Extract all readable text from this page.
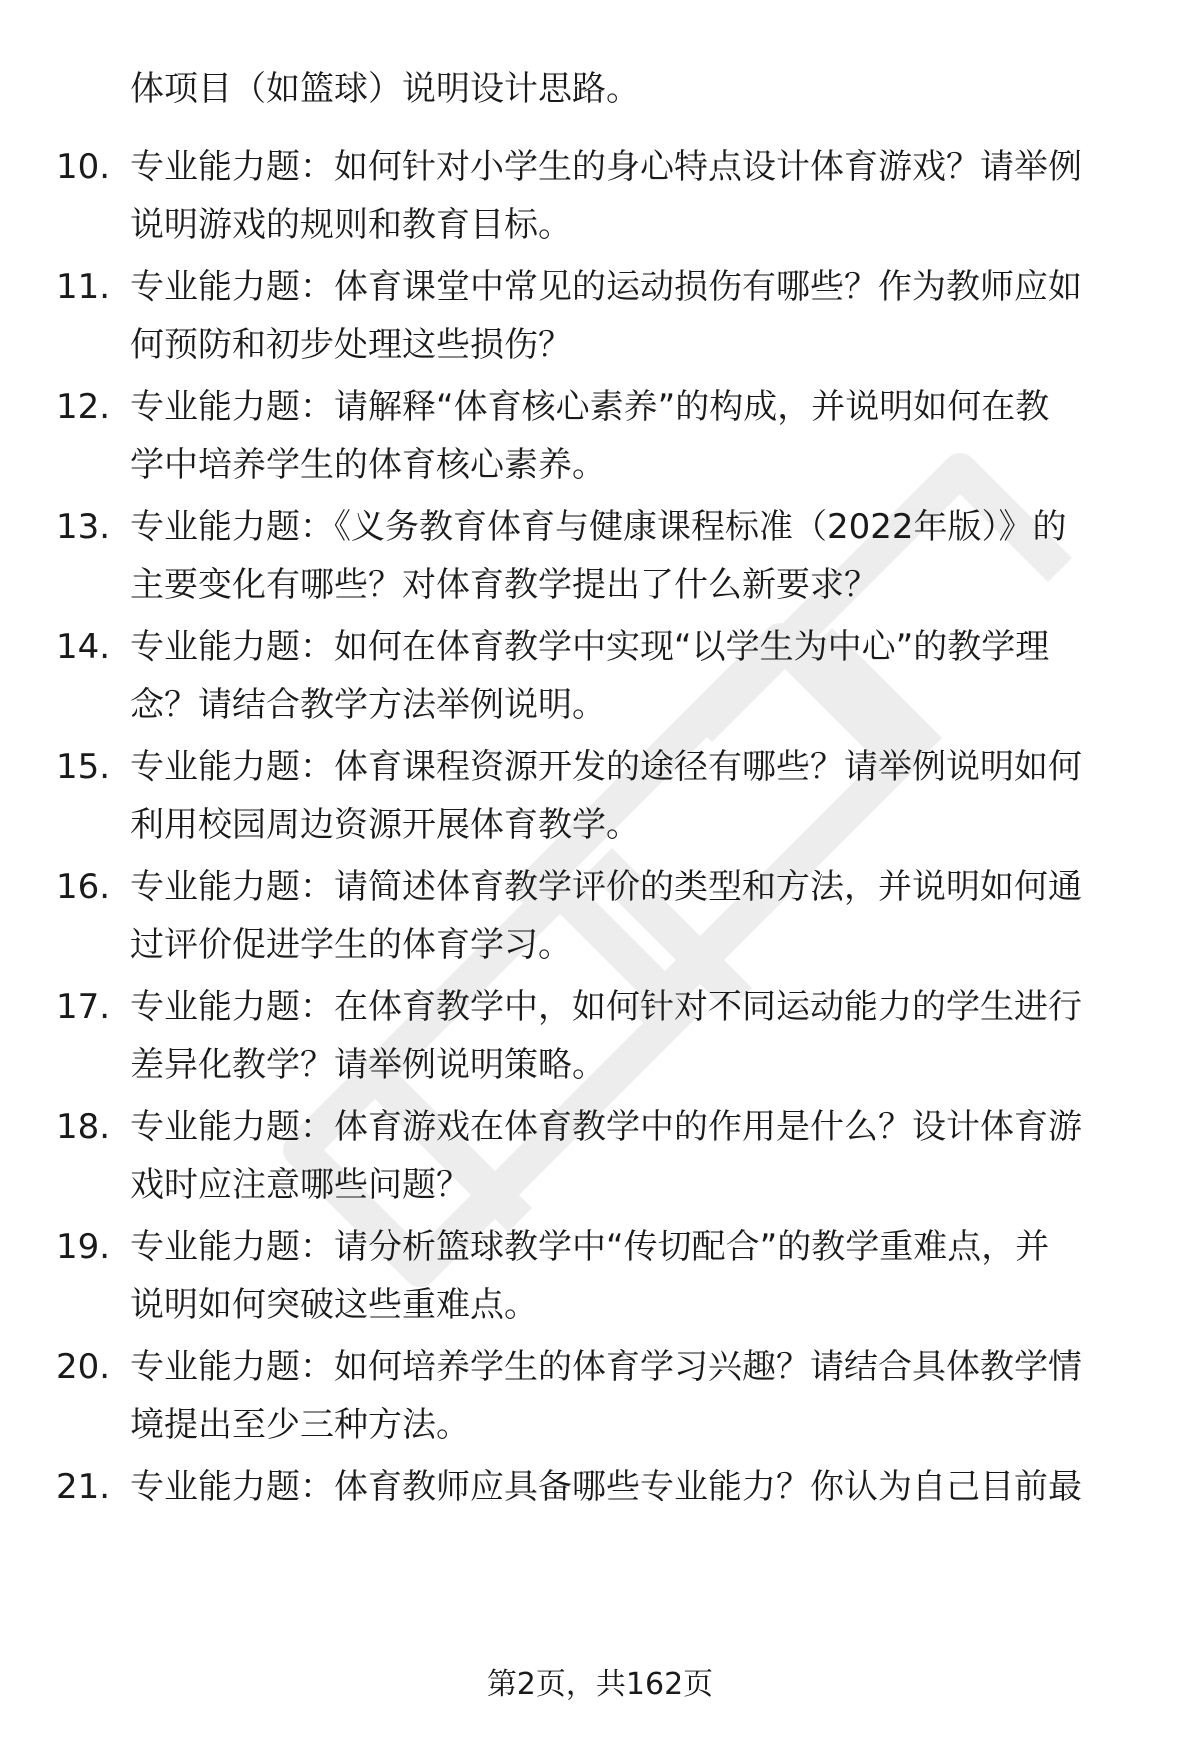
体项目（如篮球）说明设计思路。
10. 专业能力题：如何针对小学生的身心特点设计体育游戏？请举例
说明游戏的规则和教育目标。
11. 专业能力题：体育课堂中常见的运动损伤有哪些？作为教师应如
何预防和初步处理这些损伤？
12. 专业能力题：请解释“体育核心素养”的构成，并说明如何在教
学中培养学生的体育核心素养。
13. 专业能力题：《义务教育体育与健康课程标准（2022年版）》的
主要变化有哪些？对体育教学提出了什么新要求？
14. 专业能力题：如何在体育教学中实现“以学生为中心”的教学理
念？请结合教学方法举例说明。
15. 专业能力题：体育课程资源开发的途径有哪些？请举例说明如何
利用校园周边资源开展体育教学。
16. 专业能力题：请简述体育教学评价的类型和方法，并说明如何通
过评价促进学生的体育学习。
17. 专业能力题：在体育教学中，如何针对不同运动能力的学生进行
差异化教学？请举例说明策略。
18. 专业能力题：体育游戏在体育教学中的作用是什么？设计体育游
戏时应注意哪些问题？
19. 专业能力题：请分析篮球教学中“传切配合”的教学重难点，并
说明如何突破这些重难点。
20. 专业能力题：如何培养学生的体育学习兴趣？请结合具体教学情
境提出至少三种方法。
21. 专业能力题：体育教师应具备哪些专业能力？你认为自己目前最
第2页，共162页
